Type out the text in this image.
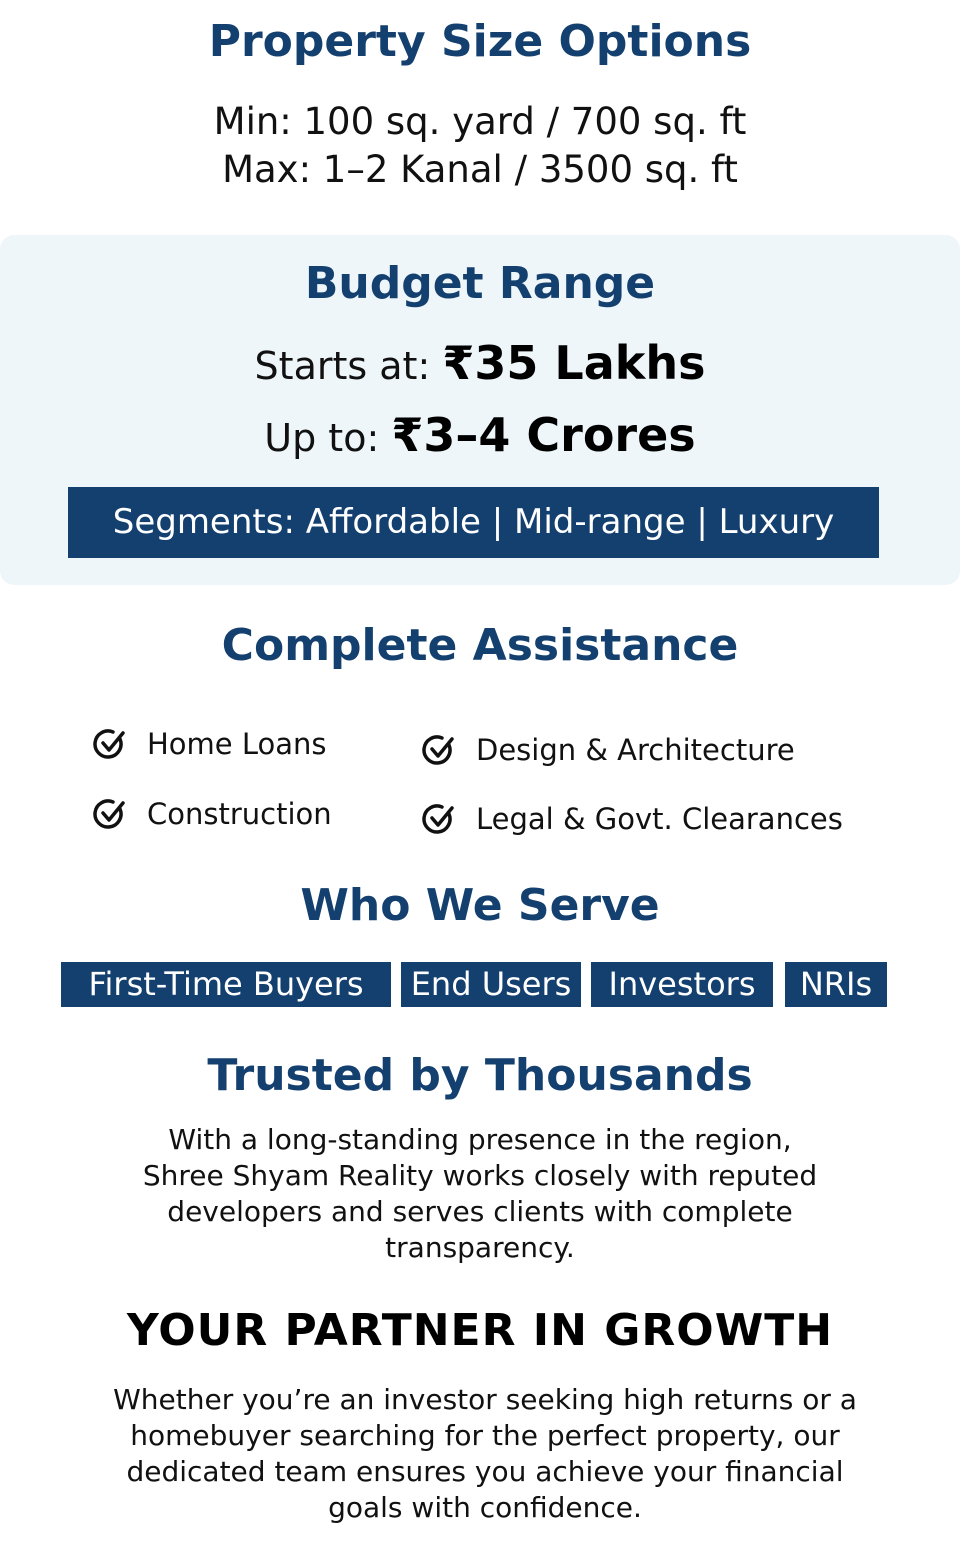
Property Size Options
Min: 100 sq. yard / 700 sq. ft
Max: 1–2 Kanal / 3500 sq. ft
Budget Range
Starts at: ₹35 Lakhs
Up to: ₹3–4 Crores
Segments: Affordable | Mid-range | Luxury
Complete Assistance
Home Loans	Design & Architecture
Construction	Legal & Govt. Clearances
Who We Serve
First-Time Buyers	End Users	Investors	NRIs
Trusted by Thousands

With a long-standing presence in the region, Shree Shyam Reality works closely with reputed developers and serves clients with complete transparency.

YOUR PARTNER IN GROWTH

Whether you’re an investor seeking high returns or a homebuyer searching for the perfect property, our dedicated team ensures you achieve your financial goals with confidence.
